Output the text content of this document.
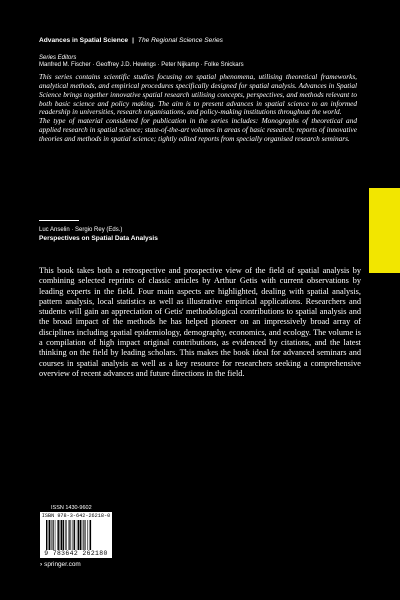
Advances in Spatial Science | The Regional Science Series
Series Editors
Manfred M. Fischer · Geoffrey J.D. Hewings · Peter Nijkamp · Folke Snickars

This series contains scientific studies focusing on spatial phenomena, utilising theoretical frameworks, analytical methods, and empirical procedures specifically designed for spatial analysis. Advances in Spatial Science brings together innovative spatial research utilising concepts, perspectives, and methods relevant to both basic science and policy making. The aim is to present advances in spatial science to an informed readership in universities, research organisations, and policy-making institutions throughout the world.

The type of material considered for publication in the series includes: Monographs of theoretical and applied research in spatial science; state-of-the-art volumes in areas of basic research; reports of innovative theories and methods in spatial science; tightly edited reports from specially organised research seminars.

Luc Anselin · Sergio Rey (Eds.)
Perspectives on Spatial Data Analysis
This book takes both a retrospective and prospective view of the field of spatial analysis by combining selected reprints of classic articles by Arthur Getis with current observations by leading experts in the field. Four main aspects are highlighted, dealing with spatial analysis, pattern analysis, local statistics as well as illustrative empirical applications. Researchers and students will gain an appreciation of Getis' methodological contributions to spatial analysis and the broad impact of the methods he has helped pioneer on an impressively broad array of disciplines including spatial epidemiology, demography, economics, and ecology. The volume is a compilation of high impact original contributions, as evidenced by citations, and the latest thinking on the field by leading scholars. This makes the book ideal for advanced seminars and courses in spatial analysis as well as a key resource for researchers seeking a comprehensive overview of recent advances and future directions in the field.
ISSN 1430-9602
ISBN 978-3-642-26218-0
9 783642 262180
› springer.com
